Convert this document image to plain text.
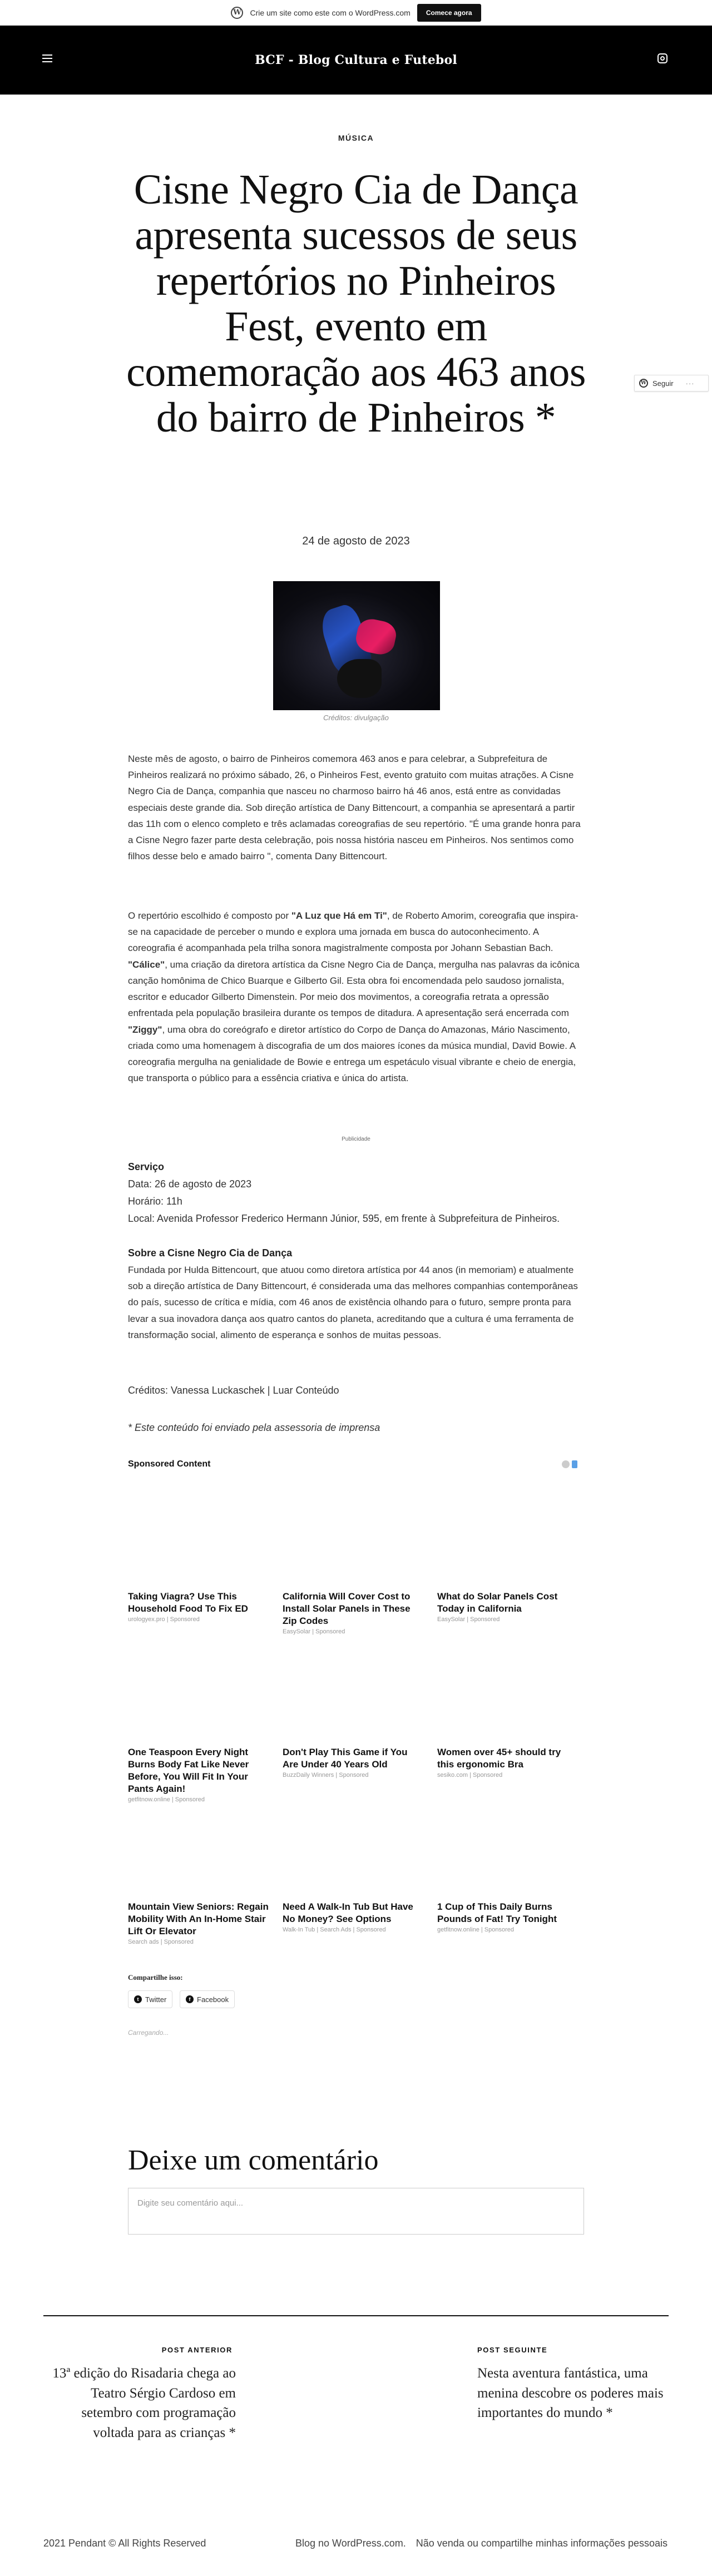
W Crie um site como este com o WordPress.com	Comece agora
BCF - Blog Cultura e Futebol
W Seguir ···
MÚSICA
Cisne Negro Cia de Dança apresenta sucessos de seus repertórios no Pinheiros Fest, evento em comemoração aos 463 anos do bairro de Pinheiros *
24 de agosto de 2023
Créditos: divulgação

Neste mês de agosto, o bairro de Pinheiros comemora 463 anos e para celebrar, a Subprefeitura de Pinheiros realizará no próximo sábado, 26, o Pinheiros Fest, evento gratuito com muitas atrações. A Cisne Negro Cia de Dança, companhia que nasceu no charmoso bairro há 46 anos, está entre as convidadas especiais deste grande dia. Sob direção artística de Dany Bittencourt, a companhia se apresentará a partir das 11h com o elenco completo e três aclamadas coreografias de seu repertório. "É uma grande honra para a Cisne Negro fazer parte desta celebração, pois nossa história nasceu em Pinheiros. Nos sentimos como filhos desse belo e amado bairro ", comenta Dany Bittencourt.

O repertório escolhido é composto por "A Luz que Há em Ti", de Roberto Amorim, coreografia que inspira-se na capacidade de perceber o mundo e explora uma jornada em busca do autoconhecimento. A coreografia é acompanhada pela trilha sonora magistralmente composta por Johann Sebastian Bach. "Cálice", uma criação da diretora artística da Cisne Negro Cia de Dança, mergulha nas palavras da icônica canção homônima de Chico Buarque e Gilberto Gil. Esta obra foi encomendada pelo saudoso jornalista, escritor e educador Gilberto Dimenstein. Por meio dos movimentos, a coreografia retrata a opressão enfrentada pela população brasileira durante os tempos de ditadura. A apresentação será encerrada com "Ziggy", uma obra do coreógrafo e diretor artístico do Corpo de Dança do Amazonas, Mário Nascimento, criada como uma homenagem à discografia de um dos maiores ícones da música mundial, David Bowie. A coreografia mergulha na genialidade de Bowie e entrega um espetáculo visual vibrante e cheio de energia, que transporta o público para a essência criativa e única do artista.

Publicidade
Serviço
Data: 26 de agosto de 2023
Horário: 11h
Local: Avenida Professor Frederico Hermann Júnior, 595, em frente à Subprefeitura de Pinheiros.
Sobre a Cisne Negro Cia de Dança
Fundada por Hulda Bittencourt, que atuou como diretora artística por 44 anos (in memoriam) e atualmente sob a direção artística de Dany Bittencourt, é considerada uma das melhores companhias contemporâneas do país, sucesso de crítica e mídia, com 46 anos de existência olhando para o futuro, sempre pronta para levar a sua inovadora dança aos quatro cantos do planeta, acreditando que a cultura é uma ferramenta de transformação social, alimento de esperança e sonhos de muitas pessoas.
Créditos: Vanessa Luckaschek | Luar Conteúdo
* Este conteúdo foi enviado pela assessoria de imprensa
Sponsored Content
Taking Viagra? Use This Household Food To Fix ED
urologyex.pro | Sponsored
California Will Cover Cost to Install Solar Panels in These Zip Codes
EasySolar | Sponsored
What do Solar Panels Cost Today in California
EasySolar | Sponsored
One Teaspoon Every Night Burns Body Fat Like Never Before, You Will Fit In Your Pants Again!
getfitnow.online | Sponsored
Don't Play This Game if You Are Under 40 Years Old
BuzzDaily Winners | Sponsored
Women over 45+ should try this ergonomic Bra
sesiko.com | Sponsored
Mountain View Seniors: Regain Mobility With An In-Home Stair Lift Or Elevator
Search ads | Sponsored
Need A Walk-In Tub But Have No Money? See Options
Walk-In Tub | Search Ads | Sponsored
1 Cup of This Daily Burns Pounds of Fat! Try Tonight
getfitnow.online | Sponsored
Compartilhe isso:
t Twitter	f Facebook
Carregando...
Deixe um comentário
Digite seu comentário aqui...
POST ANTERIOR
13ª edição do Risadaria chega ao Teatro Sérgio Cardoso em setembro com programação voltada para as crianças *
POST SEGUINTE
Nesta aventura fantástica, uma menina descobre os poderes mais importantes do mundo *
2021 Pendant © All Rights Reserved	Blog no WordPress.com. Não venda ou compartilhe minhas informações pessoais
